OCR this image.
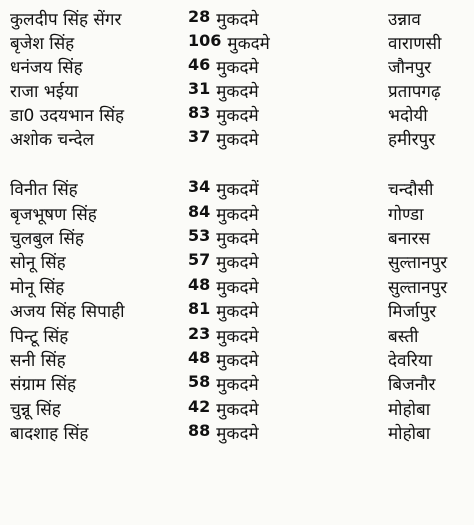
कुलदीप सिंह सेंगर	28 मुकदमे	उन्नाव
बृजेश सिंह	106 मुकदमे	वाराणसी
धनंजय सिंह	46 मुकदमे	जौनपुर
राजा भईया	31 मुकदमे	प्रतापगढ़
डा0 उदयभान सिंह	83 मुकदमे	भदोयी
अशोक चन्देल	37 मुकदमे	हमीरपुर
विनीत सिंह	34 मुकदमें	चन्दौसी
बृजभूषण सिंह	84 मुकदमे	गोण्डा
चुलबुल सिंह	53 मुकदमे	बनारस
सोनू सिंह	57 मुकदमे	सुल्तानपुर
मोनू सिंह	48 मुकदमे	सुल्तानपुर
अजय सिंह सिपाही	81 मुकदमे	मिर्जापुर
पिन्टू सिंह	23 मुकदमे	बस्ती
सनी सिंह	48 मुकदमे	देवरिया
संग्राम सिंह	58 मुकदमे	बिजनौर
चुन्नू सिंह	42 मुकदमे	मोहोबा
बादशाह सिंह	88 मुकदमे	मोहोबा
